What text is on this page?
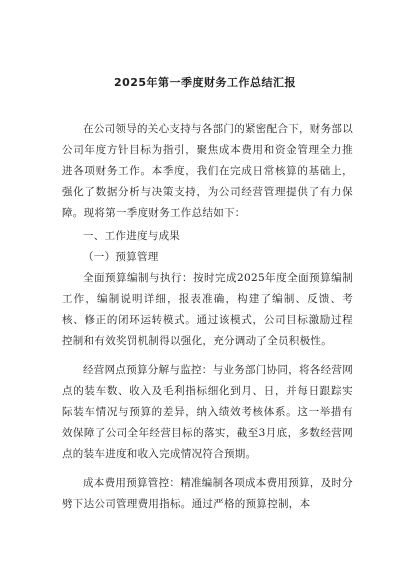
2025年第一季度财务工作总结汇报

在公司领导的关心支持与各部门的紧密配合下，财务部以公司年度方针目标为指引，聚焦成本费用和资金管理全力推进各项财务工作。本季度，我们在完成日常核算的基础上，强化了数据分析与决策支持，为公司经营管理提供了有力保障。现将第一季度财务工作总结如下：

一、工作进度与成果

（一）预算管理

全面预算编制与执行：按时完成2025年度全面预算编制工作，编制说明详细，报表准确，构建了编制、反馈、考核、修正的闭环运转模式。通过该模式，公司目标激励过程控制和有效奖罚机制得以强化，充分调动了全员积极性。

经营网点预算分解与监控：与业务部门协同，将各经营网点的装车数、收入及毛利指标细化到月、日，并每日跟踪实际装车情况与预算的差异，纳入绩效考核体系。这一举措有效保障了公司全年经营目标的落实，截至3月底，多数经营网点的装车进度和收入完成情况符合预期。

成本费用预算管控：精准编制各项成本费用预算，及时分劈下达公司管理费用指标。通过严格的预算控制，本
